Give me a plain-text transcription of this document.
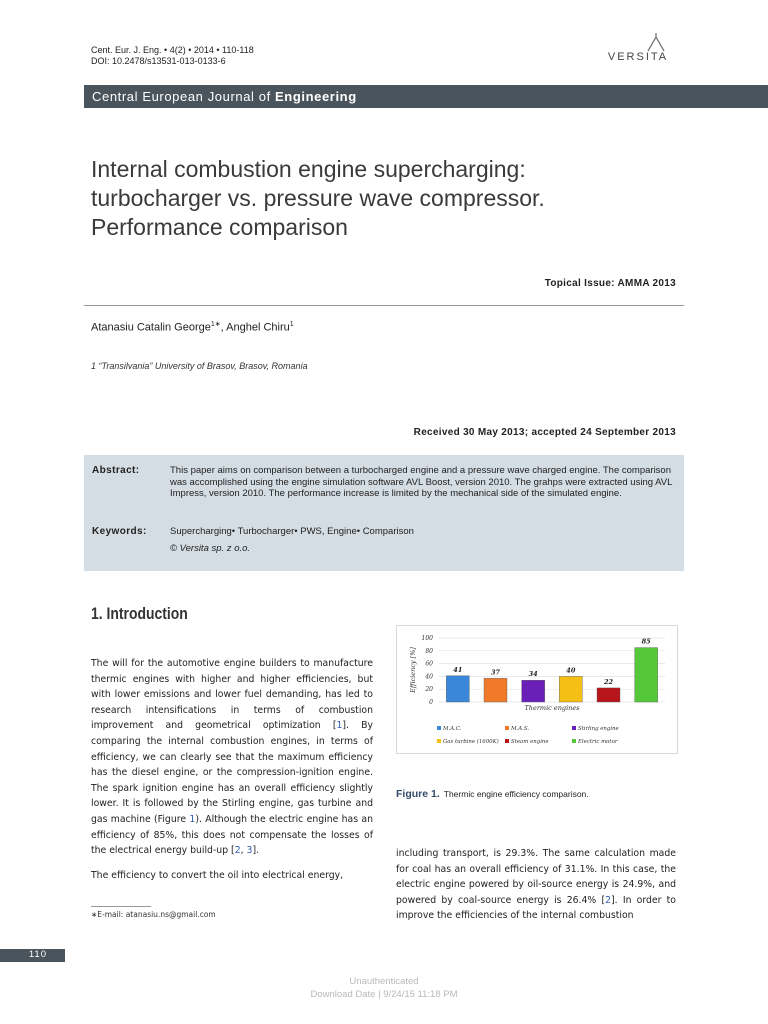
Cent. Eur. J. Eng. • 4(2) • 2014 • 110-118
DOI: 10.2478/s13531-013-0133-6	VERSITA
Central European Journal of Engineering
Internal combustion engine supercharging:
turbocharger vs. pressure wave compressor.
Performance comparison
Topical Issue: AMMA 2013
Atanasiu Catalin George$^{1∗}$, Anghel Chiru$^1$
1 “Transilvania” University of Brasov, Brasov, Romania
Received 30 May 2013; accepted 24 September 2013
Abstract:	This paper aims on comparison between a turbocharged engine and a pressure wave charged engine. The comparison was accomplished using the engine simulation software AVL Boost, version 2010. The grahps were extracted using AVL Impress, version 2010. The performance increase is limited by the mechanical side of the simulated engine.
Keywords: Supercharging• Turbocharger• PWS, Engine• Comparison
© Versita sp. z o.o.
1. Introduction

The will for the automotive engine builders to manufacture thermic engines with higher and higher efficiencies, but with lower emissions and lower fuel demanding, has led to research intensifications in terms of combustion improvement and geometrical optimization [1]. By comparing the internal combustion engines, in terms of efficiency, we can clearly see that the maximum efficiency has the diesel engine, or the compression-ignition engine. The spark ignition engine has an overall efficiency slightly lower. It is followed by the Stirling engine, gas turbine and gas machine (Figure 1). Although the electric engine has an efficiency of 85%, this does not compensate the losses of the electrical energy build-up [2, 3].

The efficiency to convert the oil into electrical energy,

0
20
40
60
80
100
Efficiency [%]	41	37	34	40
22
85
Thermic engines
M.A.C.	M.A.S.	Stirling engine
Gas turbine (1600K) Steam engine	Electric motor
Figure 1. Thermic engine efficiency comparison.

including transport, is 29.3%. The same calculation made for coal has an overall efficiency of 31.1%. In this case, the electric engine powered by oil-source energy is 24.9%, and powered by coal-source energy is 26.4% [2]. In order to improve the efficiencies of the internal combustion

∗E-mail: atanasiu.ns@gmail.com
110
Unauthenticated
Download Date | 9/24/15 11:18 PM
